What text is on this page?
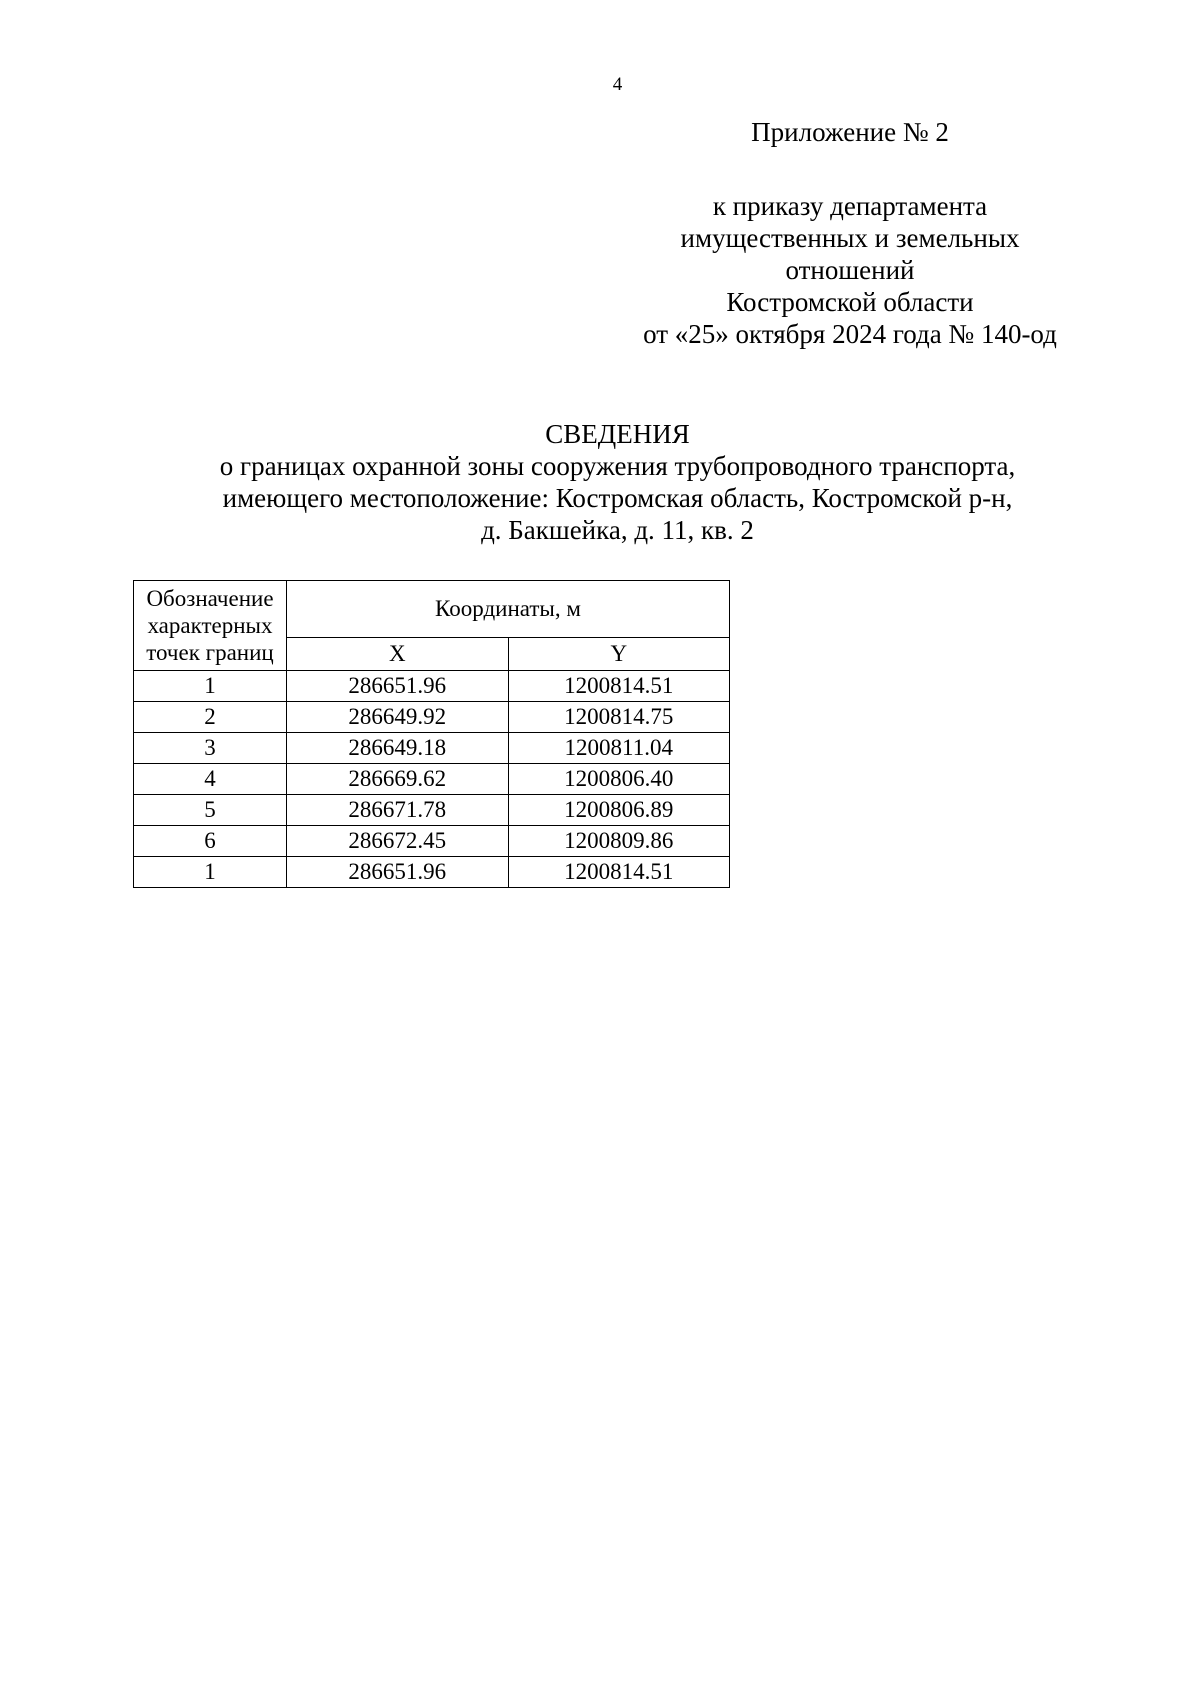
4
Приложение № 2
к приказу департамента
имущественных и земельных
отношений
Костромской области
от «25» октября 2024 года № 140-од
СВЕДЕНИЯ
о границах охранной зоны сооружения трубопроводного транспорта,
имеющего местоположение: Костромская область, Костромской р-н,
д. Бакшейка, д. 11, кв. 2
Обозначение
характерных
точек границ	Координаты, м	
	X	Y
1	286651.96	1200814.51
2	286649.92	1200814.75
3	286649.18	1200811.04
4	286669.62	1200806.40
5	286671.78	1200806.89
6	286672.45	1200809.86
1	286651.96	1200814.51
